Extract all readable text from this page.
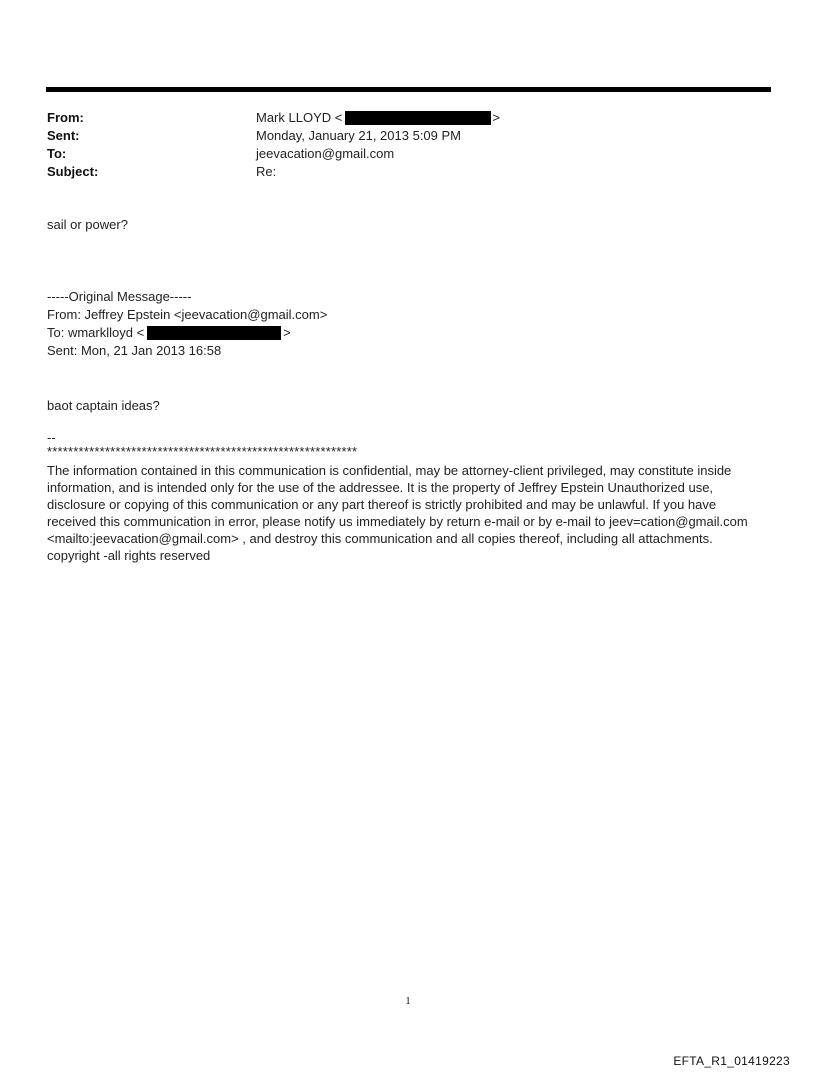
From:	Mark LLOYD <	>
Sent:	Monday, January 21, 2013 5:09 PM
To:	jeevacation@gmail.com
Subject:	Re:
sail or power?
-----Original Message-----
From: Jeffrey Epstein <jeevacation@gmail.com>
To: wmarklloyd <	>
Sent: Mon, 21 Jan 2013 16:58
baot captain ideas?
--
***********************************************************
The information contained in this communication is confidential, may be attorney-client privileged, may constitute inside information, and is intended only for the use of the addressee. It is the property of Jeffrey Epstein Unauthorized use, disclosure or copying of this communication or any part thereof is strictly prohibited and may be unlawful. If you have received this communication in error, please notify us immediately by return e-mail or by e-mail to jeev=cation@gmail.com <mailto:jeevacation@gmail.com> , and destroy this communication and all copies thereof, including all attachments. copyright -all rights reserved
1
EFTA_R1_01419223
